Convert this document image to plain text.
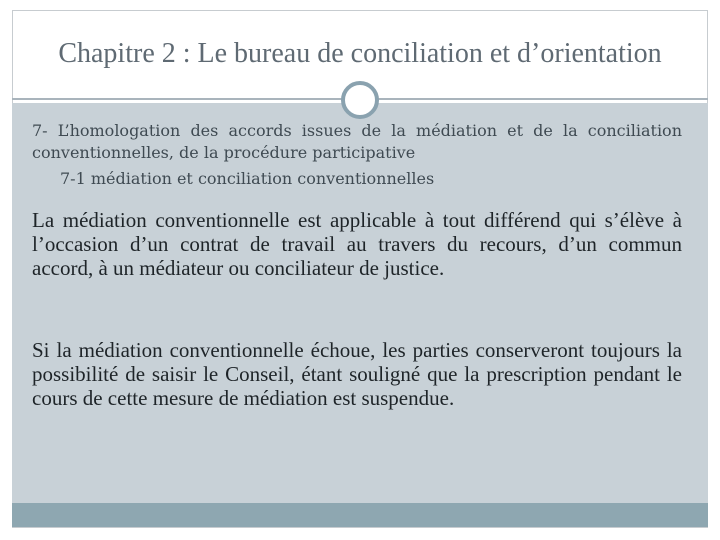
Chapitre 2 : Le bureau de conciliation et d’orientation

7- L’homologation des accords issues de la médiation et de la conciliation conventionnelles, de la procédure participative

7-1 médiation et conciliation conventionnelles

La médiation conventionnelle est applicable à tout différend qui s’élève à l’occasion d’un contrat de travail au travers du recours, d’un commun accord, à un médiateur ou conciliateur de justice.

Si la médiation conventionnelle échoue, les parties conserveront toujours la possibilité de saisir le Conseil, étant souligné que la prescription pendant le cours de cette mesure de médiation est suspendue.
